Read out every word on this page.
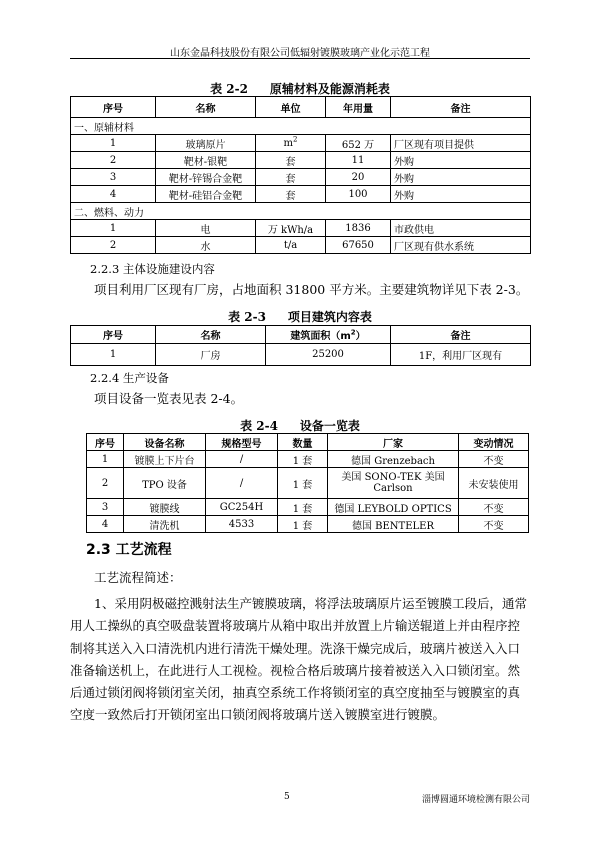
山东金晶科技股份有限公司低辐射镀膜玻璃产业化示范工程
表 2-2 原辅材料及能源消耗表
序号	名称	单位	年用量	备注
一、原辅材料				
1	玻璃原片	$m^2$	652 万	厂区现有项目提供
2	靶材-银靶	套	11	外购
3	靶材-锌锡合金靶	套	20	外购
4	靶材-硅铝合金靶	套	100	外购
二、燃料、动力				
1	电	万 kWh/a	1836	市政供电
2	水	t/a	67650	厂区现有供水系统
2.2.3 主体设施建设内容

项目利用厂区现有厂房，占地面积 31800 平方米。主要建筑物详见下表 2-3。

表 2-3 项目建筑内容表
序号	名称	建筑面积$(m^2)$	备注
1	厂房	25200	1F，利用厂区现有
2.2.4 生产设备

项目设备一览表见表 2-4。

表 2-4 设备一览表
序号	设备名称	规格型号	数量	厂家	变动情况
1	镀膜上下片台	/	1 套	德国 Grenzebach	不变
2	TPO 设备	/	1 套	美国 SONO-TEK 美国 Carlson	未安装使用
3	镀膜线	GC254H	1 套	德国 LEYBOLD OPTICS	不变
4	清洗机	4533	1 套	德国 BENTELER	不变
2.3 工艺流程

工艺流程简述：

1、采用阴极磁控溅射法生产镀膜玻璃，将浮法玻璃原片运至镀膜工段后，通常用人工操纵的真空吸盘装置将玻璃片从箱中取出并放置上片输送辊道上并由程序控制将其送入入口清洗机内进行清洗干燥处理。洗涤干燥完成后，玻璃片被送入入口准备输送机上，在此进行人工视检。视检合格后玻璃片接着被送入入口锁闭室。然后通过锁闭阀将锁闭室关闭，抽真空系统工作将锁闭室的真空度抽至与镀膜室的真空度一致然后打开锁闭室出口锁闭阀将玻璃片送入镀膜室进行镀膜。

5	淄博圆通环境检测有限公司
